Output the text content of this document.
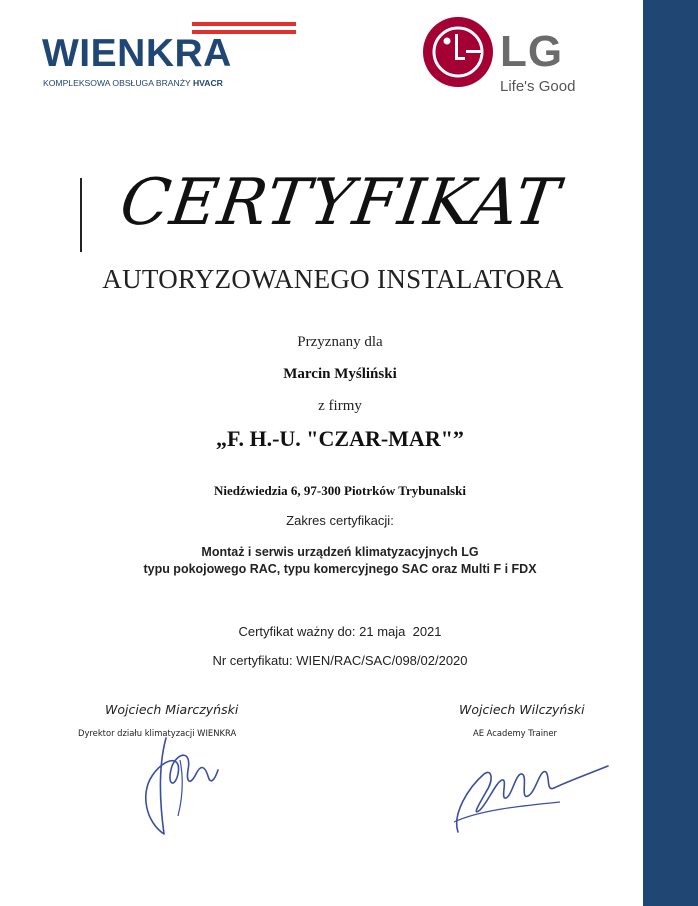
WIENKRA
KOMPLEKSOWA OBSŁUGA BRANŻY HVACR
LG
Life's Good
CERTYFIKAT
AUTORYZOWANEGO INSTALATORA
Przyznany dla
Marcin Myśliński
z firmy
„F. H.-U. "CZAR-MAR"”
Niedźwiedzia 6, 97-300 Piotrków Trybunalski
Zakres certyfikacji:
Montaż i serwis urządzeń klimatyzacyjnych LG
typu pokojowego RAC, typu komercyjnego SAC oraz Multi F i FDX
Certyfikat ważny do: 21 maja  2021
Nr certyfikatu: WIEN/RAC/SAC/098/02/2020
Wojciech Miarczyński
Dyrektor działu klimatyzacji WIENKRA
Wojciech Wilczyński
AE Academy Trainer
